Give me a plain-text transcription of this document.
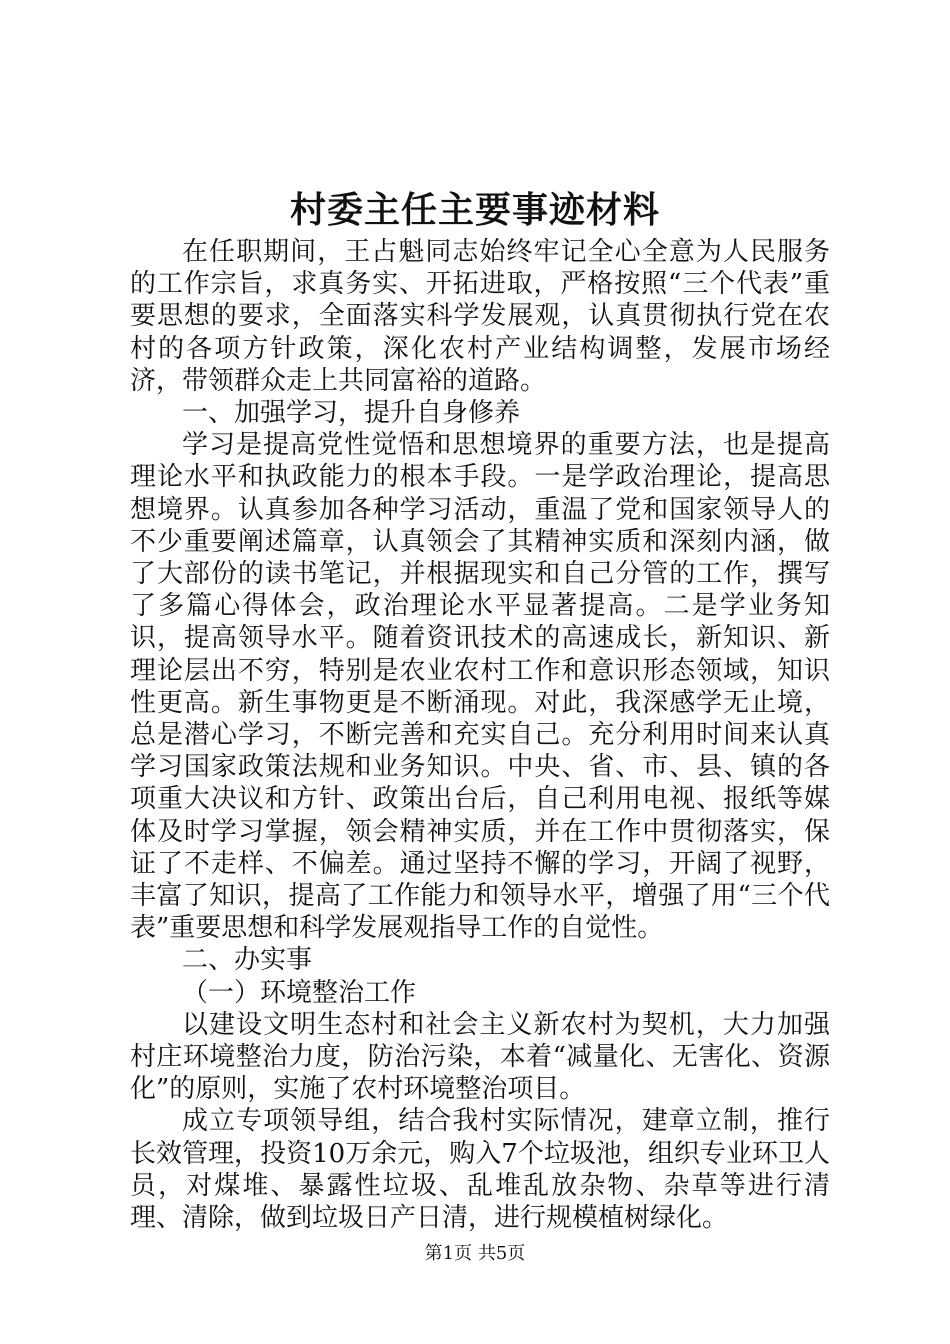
村委主任主要事迹材料

在任职期间，王占魁同志始终牢记全心全意为人民服务的工作宗旨，求真务实、开拓进取，严格按照“三个代表”重要思想的要求，全面落实科学发展观，认真贯彻执行党在农村的各项方针政策，深化农村产业结构调整，发展市场经济，带领群众走上共同富裕的道路。

一、加强学习，提升自身修养

学习是提高党性觉悟和思想境界的重要方法，也是提高理论水平和执政能力的根本手段。一是学政治理论，提高思想境界。认真参加各种学习活动，重温了党和国家领导人的不少重要阐述篇章，认真领会了其精神实质和深刻内涵，做了大部份的读书笔记，并根据现实和自己分管的工作，撰写了多篇心得体会，政治理论水平显著提高。二是学业务知识，提高领导水平。随着资讯技术的高速成长，新知识、新理论层出不穷，特别是农业农村工作和意识形态领域，知识性更高。新生事物更是不断涌现。对此，我深感学无止境，总是潜心学习，不断完善和充实自己。充分利用时间来认真学习国家政策法规和业务知识。中央、省、市、县、镇的各项重大决议和方针、政策出台后，自己利用电视、报纸等媒体及时学习掌握，领会精神实质，并在工作中贯彻落实，保证了不走样、不偏差。通过坚持不懈的学习，开阔了视野，丰富了知识，提高了工作能力和领导水平，增强了用“三个代表”重要思想和科学发展观指导工作的自觉性。

二、办实事

（一）环境整治工作

以建设文明生态村和社会主义新农村为契机，大力加强村庄环境整治力度，防治污染，本着“减量化、无害化、资源化”的原则，实施了农村环境整治项目。

成立专项领导组，结合我村实际情况，建章立制，推行长效管理，投资10万余元，购入7个垃圾池，组织专业环卫人员，对煤堆、暴露性垃圾、乱堆乱放杂物、杂草等进行清理、清除，做到垃圾日产日清，进行规模植树绿化。

第1页 共5页
